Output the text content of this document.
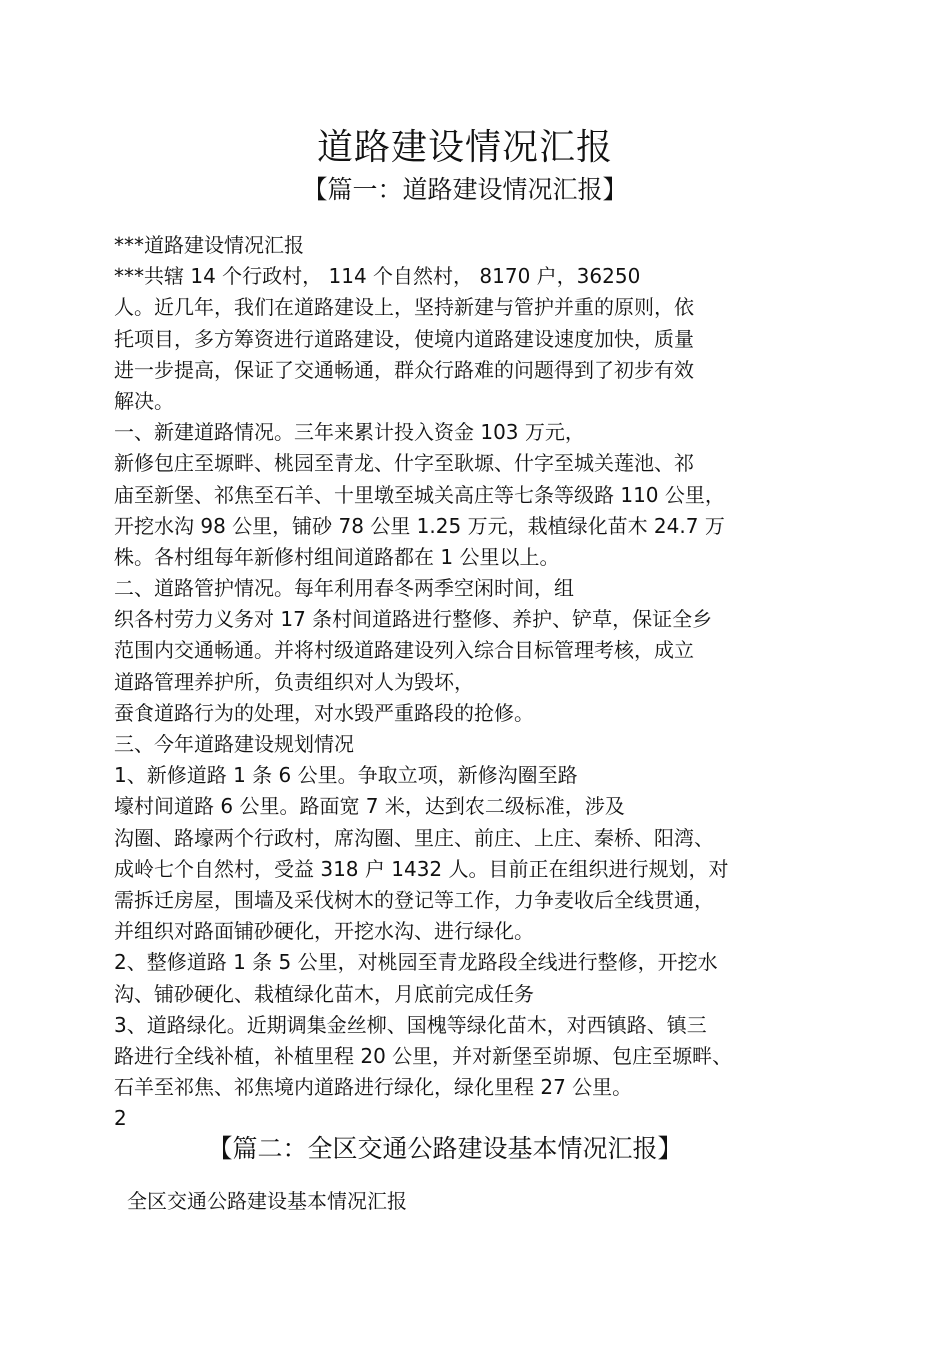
道路建设情况汇报
【篇一：道路建设情况汇报】
***道路建设情况汇报
***共辖 14 个行政村， 114 个自然村， 8170 户，36250
人。近几年，我们在道路建设上，坚持新建与管护并重的原则，依
托项目，多方筹资进行道路建设，使境内道路建设速度加快，质量
进一步提高，保证了交通畅通，群众行路难的问题得到了初步有效
解决。
一、新建道路情况。三年来累计投入资金 103 万元，
新修包庄至塬畔、桃园至青龙、什字至耿塬、什字至城关莲池、祁
庙至新堡、祁焦至石羊、十里墩至城关高庄等七条等级路 110 公里，
开挖水沟 98 公里，铺砂 78 公里 1.25 万元，栽植绿化苗木 24.7 万
株。各村组每年新修村组间道路都在 1 公里以上。
二、道路管护情况。每年利用春冬两季空闲时间，组
织各村劳力义务对 17 条村间道路进行整修、养护、铲草，保证全乡
范围内交通畅通。并将村级道路建设列入综合目标管理考核，成立
道路管理养护所，负责组织对人为毁坏，
蚕食道路行为的处理，对水毁严重路段的抢修。
三、今年道路建设规划情况
1、新修道路 1 条 6 公里。争取立项，新修沟圈至路
壕村间道路 6 公里。路面宽 7 米，达到农二级标准，涉及
沟圈、路壕两个行政村，席沟圈、里庄、前庄、上庄、秦桥、阳湾、
成岭七个自然村，受益 318 户 1432 人。目前正在组织进行规划，对
需拆迁房屋，围墙及采伐树木的登记等工作，力争麦收后全线贯通，
并组织对路面铺砂硬化，开挖水沟、进行绿化。
2、整修道路 1 条 5 公里，对桃园至青龙路段全线进行整修，开挖水
沟、铺砂硬化、栽植绿化苗木，月底前完成任务
3、道路绿化。近期调集金丝柳、国槐等绿化苗木，对西镇路、镇三
路进行全线补植，补植里程 20 公里，并对新堡至峁塬、包庄至塬畔、
石羊至祁焦、祁焦境内道路进行绿化，绿化里程 27 公里。
2
【篇二：全区交通公路建设基本情况汇报】
全区交通公路建设基本情况汇报
